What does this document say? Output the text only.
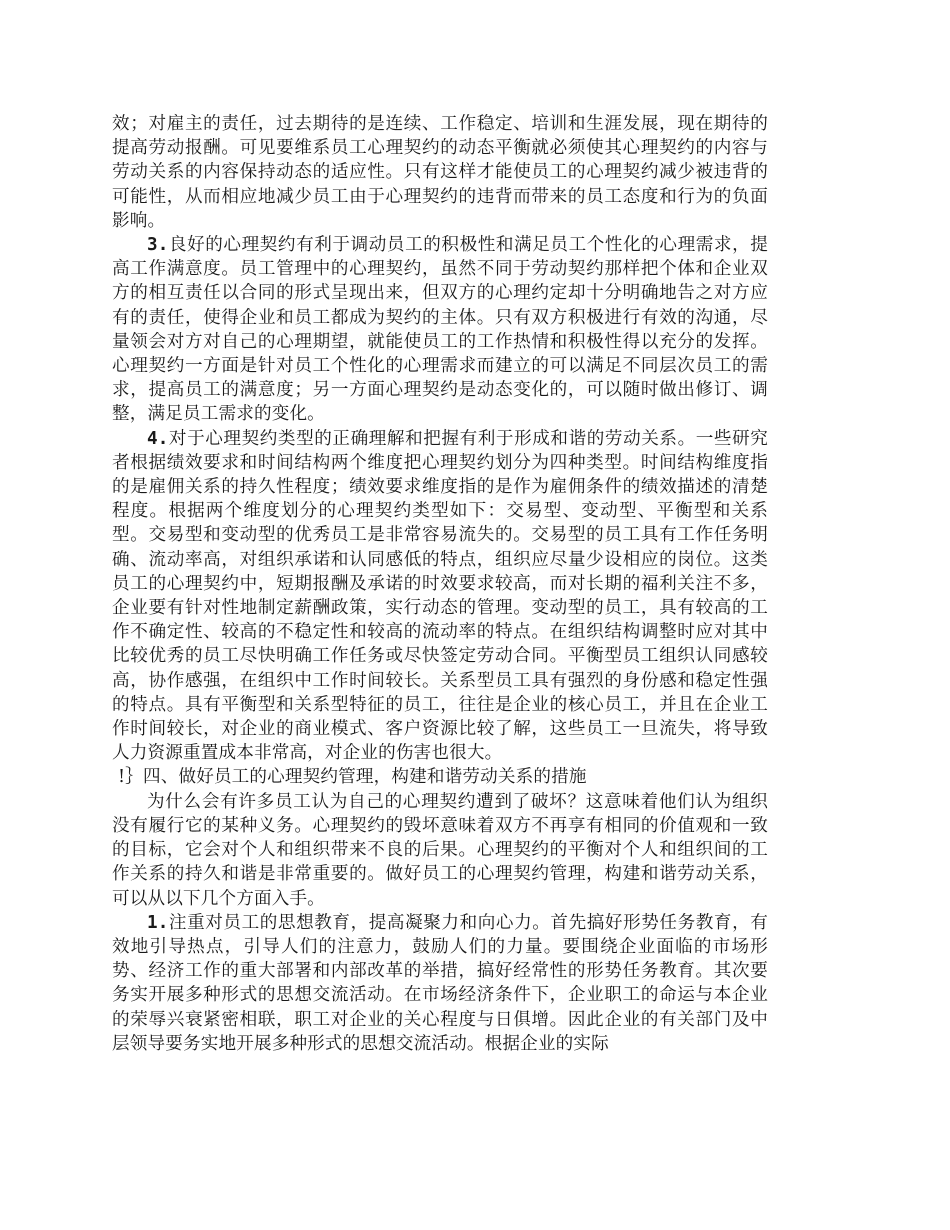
效；对雇主的责任，过去期待的是连续、工作稳定、培训和生涯发展，现在期待的提高劳动报酬。可见要维系员工心理契约的动态平衡就必须使其心理契约的内容与劳动关系的内容保持动态的适应性。只有这样才能使员工的心理契约减少被违背的可能性，从而相应地减少员工由于心理契约的违背而带来的员工态度和行为的负面影响。

3.良好的心理契约有利于调动员工的积极性和满足员工个性化的心理需求，提高工作满意度。员工管理中的心理契约，虽然不同于劳动契约那样把个体和企业双方的相互责任以合同的形式呈现出来，但双方的心理约定却十分明确地告之对方应有的责任，使得企业和员工都成为契约的主体。只有双方积极进行有效的沟通，尽量领会对方对自己的心理期望，就能使员工的工作热情和积极性得以充分的发挥。心理契约一方面是针对员工个性化的心理需求而建立的可以满足不同层次员工的需求，提高员工的满意度；另一方面心理契约是动态变化的，可以随时做出修订、调整，满足员工需求的变化。

4.对于心理契约类型的正确理解和把握有利于形成和谐的劳动关系。一些研究者根据绩效要求和时间结构两个维度把心理契约划分为四种类型。时间结构维度指的是雇佣关系的持久性程度；绩效要求维度指的是作为雇佣条件的绩效描述的清楚程度。根据两个维度划分的心理契约类型如下：交易型、变动型、平衡型和关系型。交易型和变动型的优秀员工是非常容易流失的。交易型的员工具有工作任务明确、流动率高，对组织承诺和认同感低的特点，组织应尽量少设相应的岗位。这类员工的心理契约中，短期报酬及承诺的时效要求较高，而对长期的福利关注不多，企业要有针对性地制定薪酬政策，实行动态的管理。变动型的员工，具有较高的工作不确定性、较高的不稳定性和较高的流动率的特点。在组织结构调整时应对其中比较优秀的员工尽快明确工作任务或尽快签定劳动合同。平衡型员工组织认同感较高，协作感强，在组织中工作时间较长。关系型员工具有强烈的身份感和稳定性强的特点。具有平衡型和关系型特征的员工，往往是企业的核心员工，并且在企业工作时间较长，对企业的商业模式、客户资源比较了解，这些员工一旦流失，将导致人力资源重置成本非常高，对企业的伤害也很大。

!｝四、做好员工的心理契约管理，构建和谐劳动关系的措施

为什么会有许多员工认为自己的心理契约遭到了破坏？这意味着他们认为组织没有履行它的某种义务。心理契约的毁坏意味着双方不再享有相同的价值观和一致的目标，它会对个人和组织带来不良的后果。心理契约的平衡对个人和组织间的工作关系的持久和谐是非常重要的。做好员工的心理契约管理，构建和谐劳动关系，可以从以下几个方面入手。

1.注重对员工的思想教育，提高凝聚力和向心力。首先搞好形势任务教育，有效地引导热点，引导人们的注意力，鼓励人们的力量。要围绕企业面临的市场形势、经济工作的重大部署和内部改革的举措，搞好经常性的形势任务教育。其次要务实开展多种形式的思想交流活动。在市场经济条件下，企业职工的命运与本企业的荣辱兴衰紧密相联，职工对企业的关心程度与日俱增。因此企业的有关部门及中层领导要务实地开展多种形式的思想交流活动。根据企业的实际
